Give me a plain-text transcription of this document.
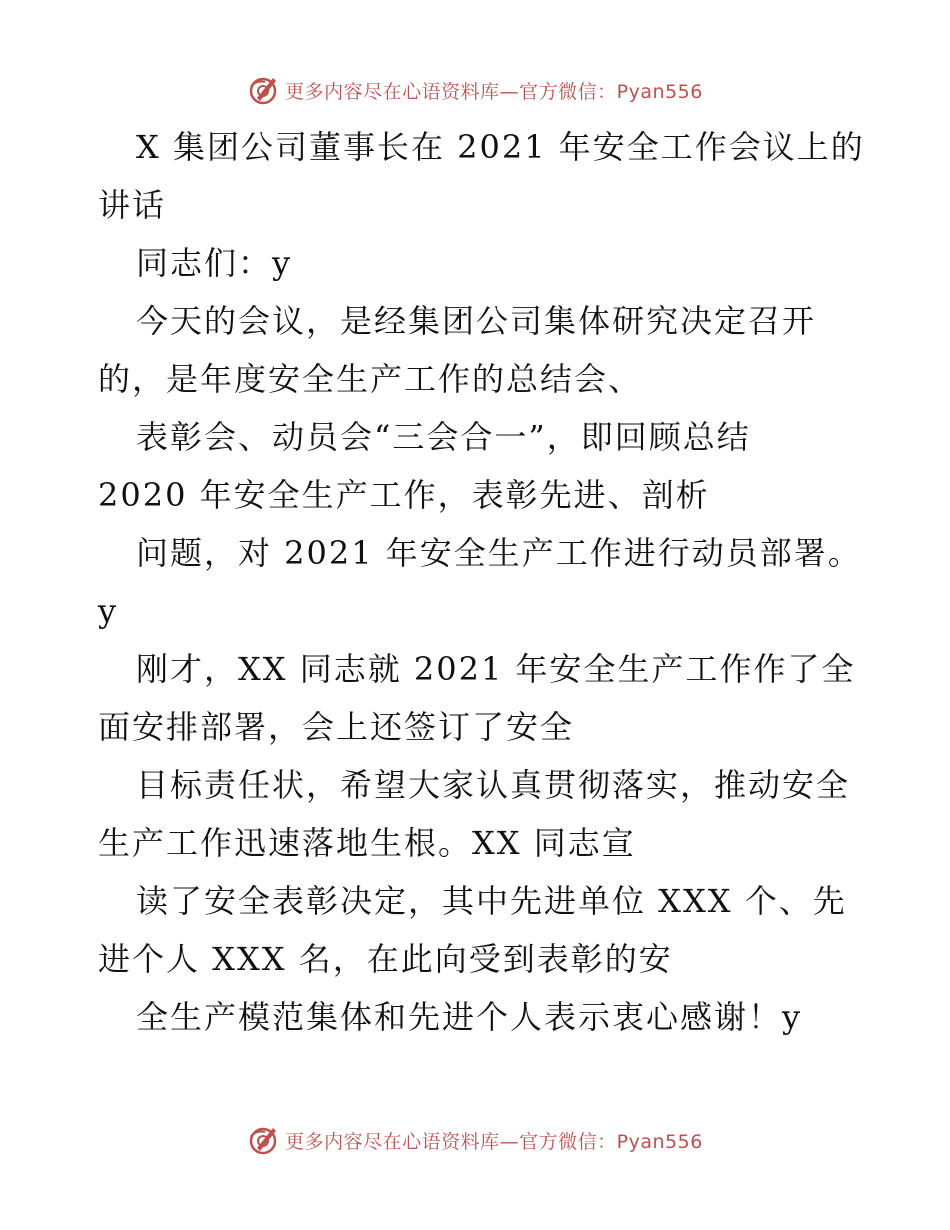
更多内容尽在心语资料库—官方微信：Pyan556
X 集团公司董事长在 2021 年安全工作会议上的
讲话
同志们：y
今天的会议，是经集团公司集体研究决定召开
的，是年度安全生产工作的总结会、
表彰会、动员会“三会合一”，即回顾总结
2020 年安全生产工作，表彰先进、剖析
问题，对 2021 年安全生产工作进行动员部署。
y
刚才，XX 同志就 2021 年安全生产工作作了全
面安排部署，会上还签订了安全
目标责任状，希望大家认真贯彻落实，推动安全
生产工作迅速落地生根。XX 同志宣
读了安全表彰决定，其中先进单位 XXX 个、先
进个人 XXX 名，在此向受到表彰的安
全生产模范集体和先进个人表示衷心感谢！y
更多内容尽在心语资料库—官方微信：Pyan556
